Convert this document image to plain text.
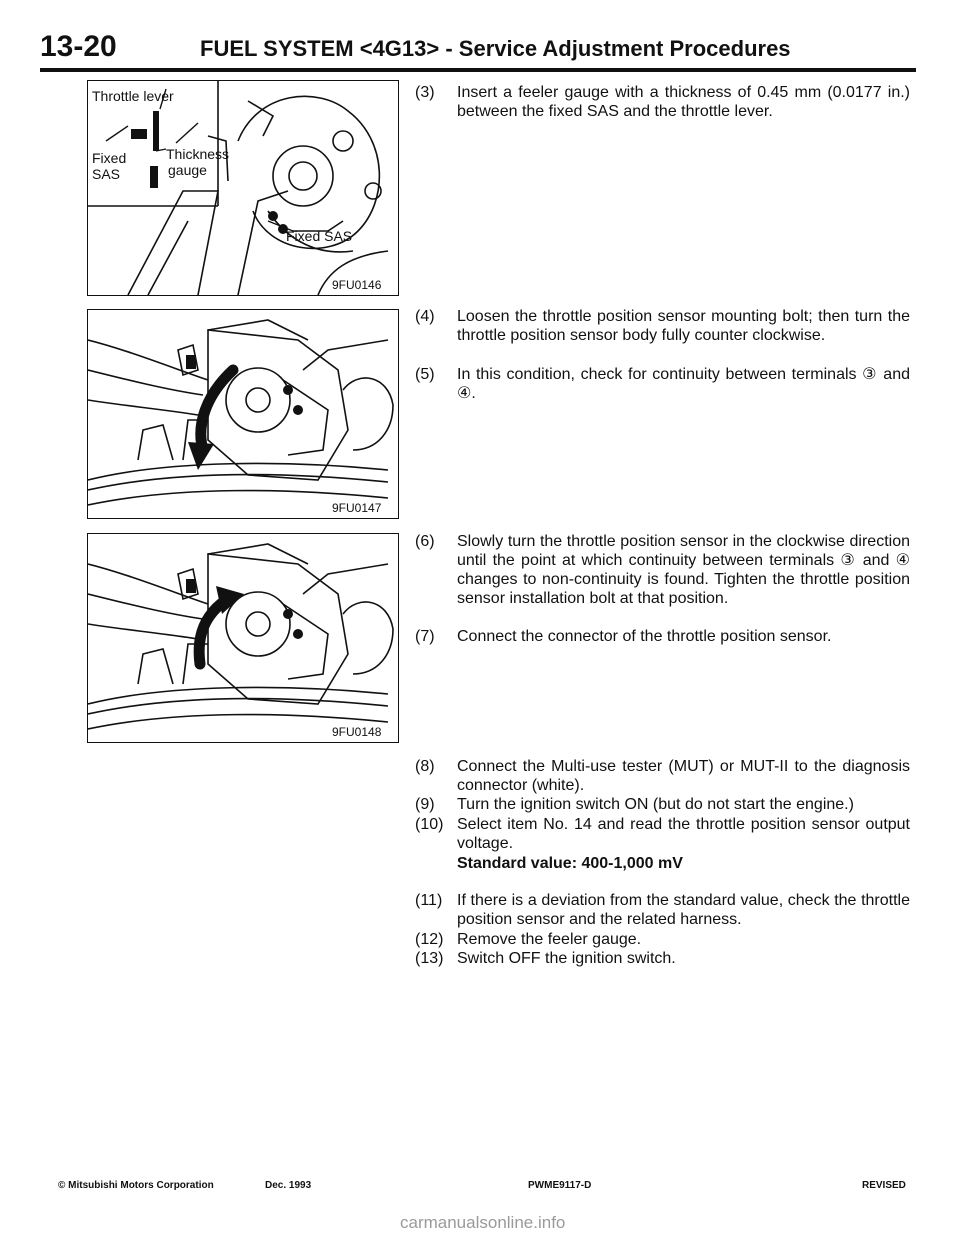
13-20	FUEL SYSTEM <4G13> - Service Adjustment Procedures
Throttle lever
Fixed
SAS
Thickness
gauge
Fixed SAS
9FU0146
9FU0147
9FU0148
(3)	Insert a feeler gauge with a thickness of 0.45 mm (0.0177 in.) between the fixed SAS and the throttle lever.
(4)	Loosen the throttle position sensor mounting bolt; then turn the throttle position sensor body fully counter clockwise.
(5)	In this condition, check for continuity between terminals ③ and ④.
(6)	Slowly turn the throttle position sensor in the clockwise direction until the point at which continuity between terminals ③ and ④ changes to non-continuity is found. Tighten the throttle position sensor installation bolt at that position.
(7)	Connect the connector of the throttle position sensor.
(8)	Connect the Multi-use tester (MUT) or MUT-II to the diagnosis connector (white).
(9)	Turn the ignition switch ON (but do not start the engine.)
(10) Select item No. 14 and read the throttle position sensor output voltage.
Standard value: 400-1,000 mV
(11) If there is a deviation from the standard value, check the throttle position sensor and the related harness.
(12) Remove the feeler gauge.
(13) Switch OFF the ignition switch.
© Mitsubishi Motors Corporation	Dec. 1993	PWME9117-D	REVISED
carmanualsonline.info
